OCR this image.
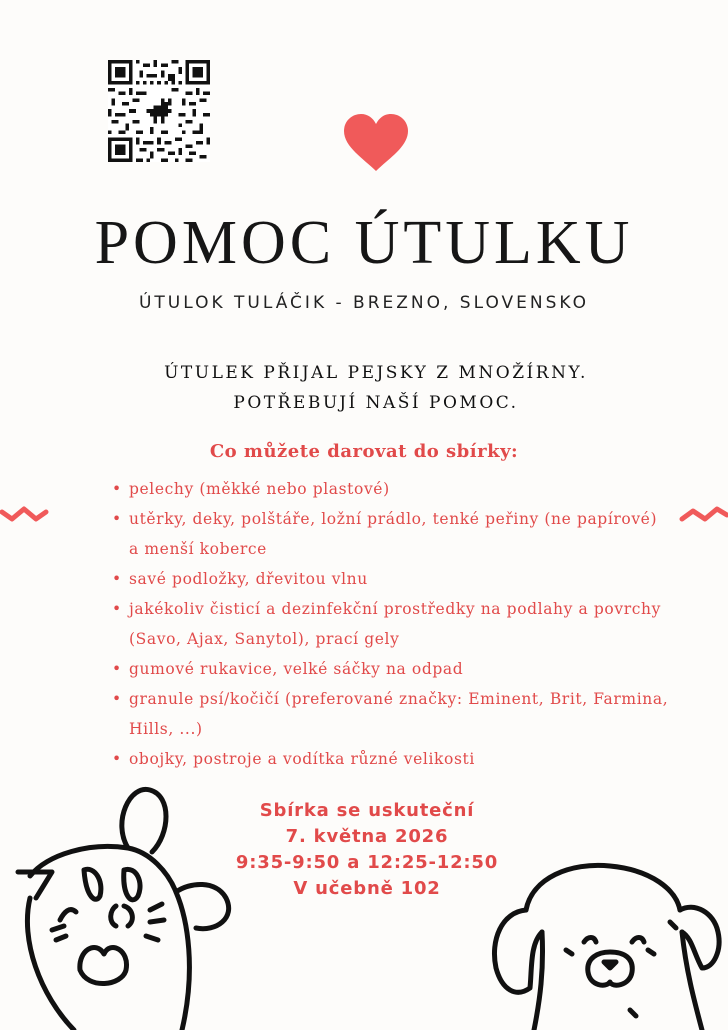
POMOC ÚTULKU
ÚTULOK TULÁČIK - BREZNO, SLOVENSKO
ÚTULEK PŘIJAL PEJSKY Z MNOŽÍRNY.
POTŘEBUJÍ NAŠÍ POMOC.
Co můžete darovat do sbírky:
• pelechy (měkké nebo plastové)
• utěrky, deky, polštáře, ložní prádlo, tenké peřiny (ne papírové) a menší koberce
• savé podložky, dřevitou vlnu
• jakékoliv čisticí a dezinfekční prostředky na podlahy a povrchy (Savo, Ajax, Sanytol), prací gely
• gumové rukavice, velké sáčky na odpad
• granule psí/kočičí (preferované značky: Eminent, Brit, Farmina, Hills, ...)
• obojky, postroje a vodítka různé velikosti
Sbírka se uskuteční
7. května 2026
9:35-9:50 a 12:25-12:50
V učebně 102
